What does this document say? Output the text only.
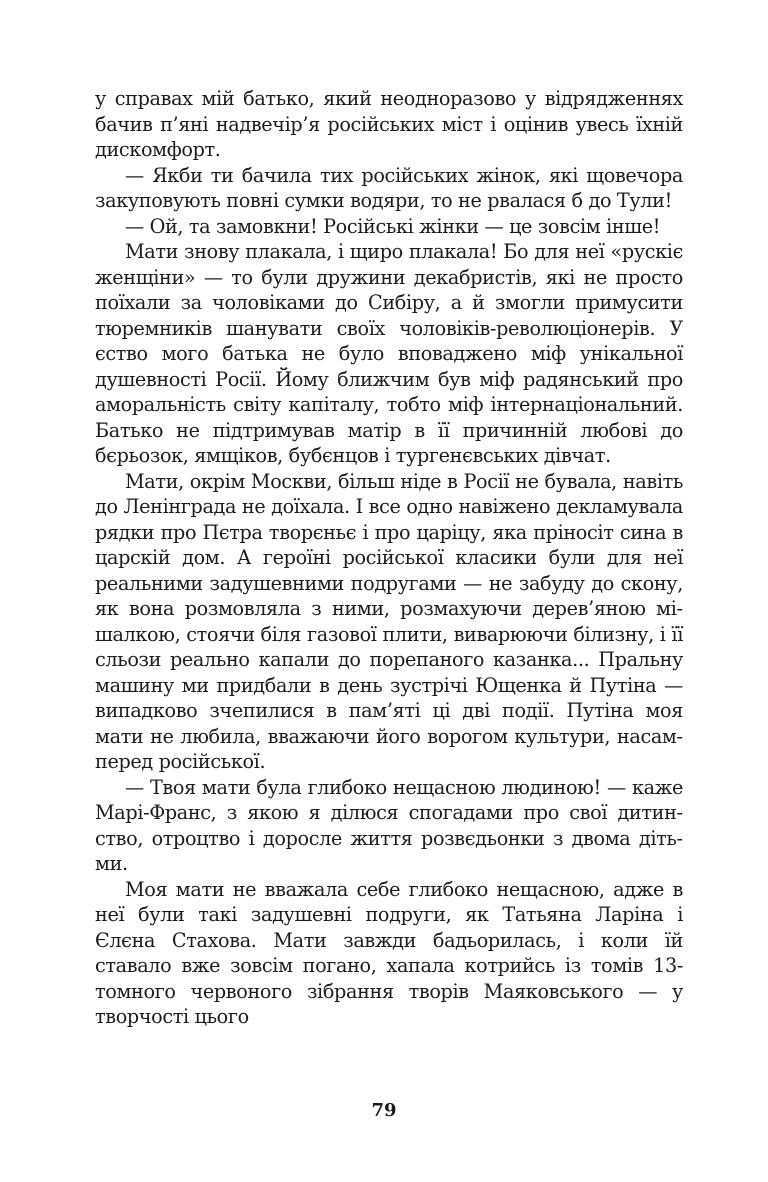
у справах мій батько, який неодноразово у відрядженнях бачив п’яні надвечір’я російських міст і оцінив увесь їхній дискомфорт.

— Якби ти бачила тих російських жінок, які щовечора закуповують повні сумки водяри, то не рвалася б до Тули!

— Ой, та замовкни! Російські жінки — це зовсім інше!

Мати знову плакала, і щиро плакала! Бо для неї «рускіє женщіни» — то були дружини декабристів, які не просто поїхали за чоловіками до Сибіру, а й змогли примусити тюремників шанувати своїх чоловіків-революціонерів. У єство мого батька не було вповаджено міф унікальної душевності Росії. Йому ближчим був міф радянський про аморальність світу капіталу, тобто міф інтернаціональний. Батько не підтримував матір в її причинній любові до бєрьозок, ямщіков, бубєнцов і тургенєвських дівчат.

Мати, окрім Москви, більш ніде в Росії не бувала, навіть до Ленінграда не доїхала. І все одно навіжено декламувала рядки про Пєтра творєньє і про царіцу, яка пріносіт сина в царскій дом. А героїні російської класики були для неї реальними задушевними подругами — не забуду до скону, як вона розмовляла з ними, розмахуючи дерев’яною мішалкою, стоячи біля газової плити, виварюючи білизну, і її сльози реально капали до порепаного казанка... Пральну машину ми придбали в день зустрічі Ющенка й Путіна — випадково зчепилися в пам’яті ці дві події. Путіна моя мати не любила, вважаючи його ворогом культури, насамперед російської.

— Твоя мати була глибоко нещасною людиною! — каже Марі-Франс, з якою я ділюся спогадами про свої дитинство, отроцтво і доросле життя розвєдьонки з двома дітьми.

Моя мати не вважала себе глибоко нещасною, адже в неї були такі задушевні подруги, як Татьяна Ларіна і Єлєна Стахова. Мати завжди бадьорилась, і коли їй ставало вже зовсім погано, хапала котрийсь із томів 13-томного червоного зібрання творів Маяковського — у творчості цього

79
